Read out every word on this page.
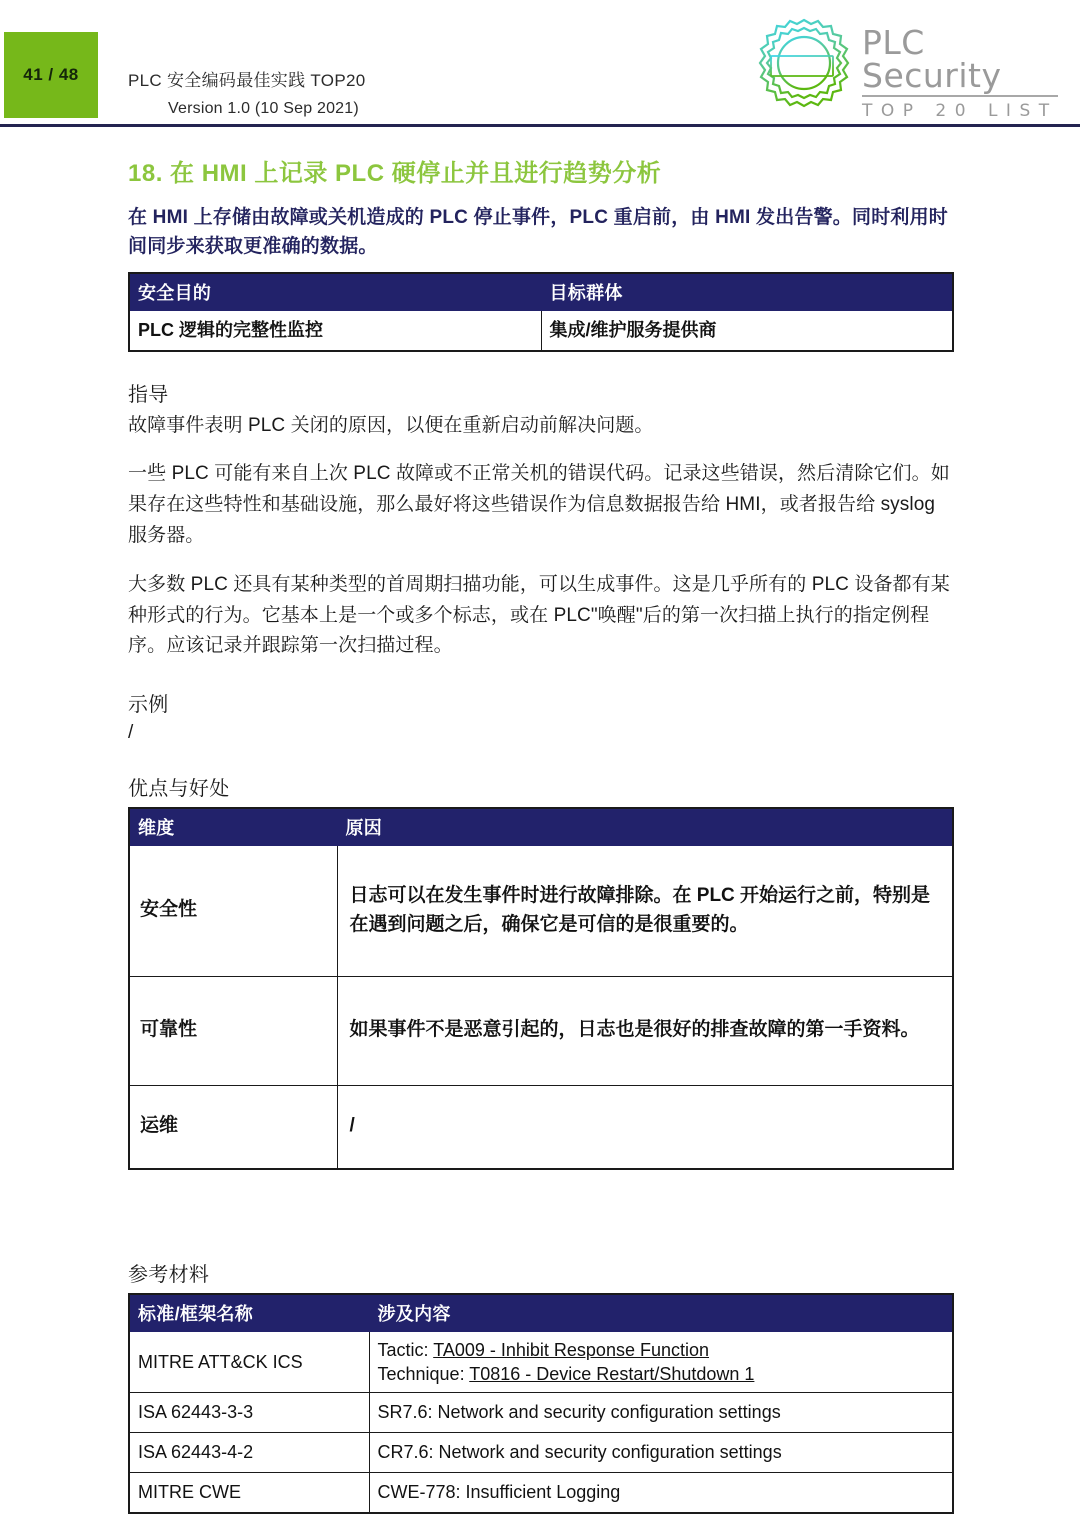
41 / 48	PLC 安全编码最佳实践 TOP20
Version 1.0 (10 Sep 2021)
PLC Security
TOP 20 LIST
18. 在 HMI 上记录 PLC 硬停止并且进行趋势分析

在 HMI 上存储由故障或关机造成的 PLC 停止事件，PLC 重启前，由 HMI 发出告警。同时利用时间同步来获取更准确的数据。

安全目的	目标群体
PLC 逻辑的完整性监控	集成/维护服务提供商
指导

故障事件表明 PLC 关闭的原因，以便在重新启动前解决问题。

一些 PLC 可能有来自上次 PLC 故障或不正常关机的错误代码。记录这些错误，然后清除它们。如果存在这些特性和基础设施，那么最好将这些错误作为信息数据报告给 HMI，或者报告给 syslog 服务器。

大多数 PLC 还具有某种类型的首周期扫描功能，可以生成事件。这是几乎所有的 PLC 设备都有某种形式的行为。它基本上是一个或多个标志，或在 PLC"唤醒"后的第一次扫描上执行的指定例程序。应该记录并跟踪第一次扫描过程。

示例
/
优点与好处
维度	原因
安全性	日志可以在发生事件时进行故障排除。在 PLC 开始运行之前，特别是在遇到问题之后，确保它是可信的是很重要的。
可靠性	如果事件不是恶意引起的，日志也是很好的排查故障的第一手资料。
运维	/
参考材料
标准/框架名称	涉及内容
MITRE ATT&CK ICS	Tactic: TA009 - Inhibit Response Function
Technique: T0816 - Device Restart/Shutdown 1

ISA 62443-3-3	SR7.6: Network and security configuration settings
ISA 62443-4-2	CR7.6: Network and security configuration settings
MITRE CWE	CWE-778: Insufficient Logging
